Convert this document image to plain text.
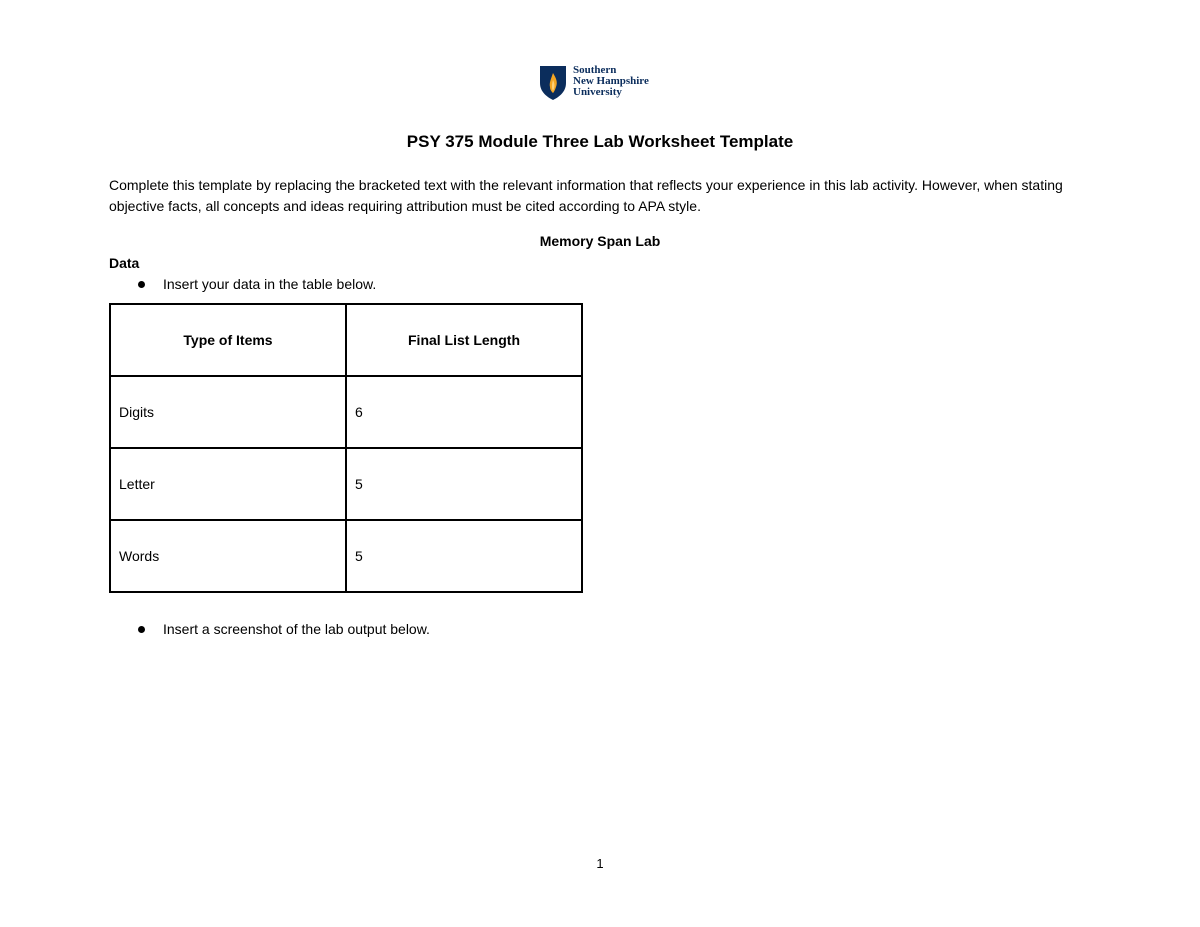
Southern
New Hampshire
University
PSY 375 Module Three Lab Worksheet Template
Complete this template by replacing the bracketed text with the relevant information that reflects your experience in this lab activity. However, when stating objective facts, all concepts and ideas requiring attribution must be cited according to APA style.
Memory Span Lab
Data
Insert your data in the table below.
Type of Items	Final List Length
Digits	6
Letter	5
Words	5
Insert a screenshot of the lab output below.
1
